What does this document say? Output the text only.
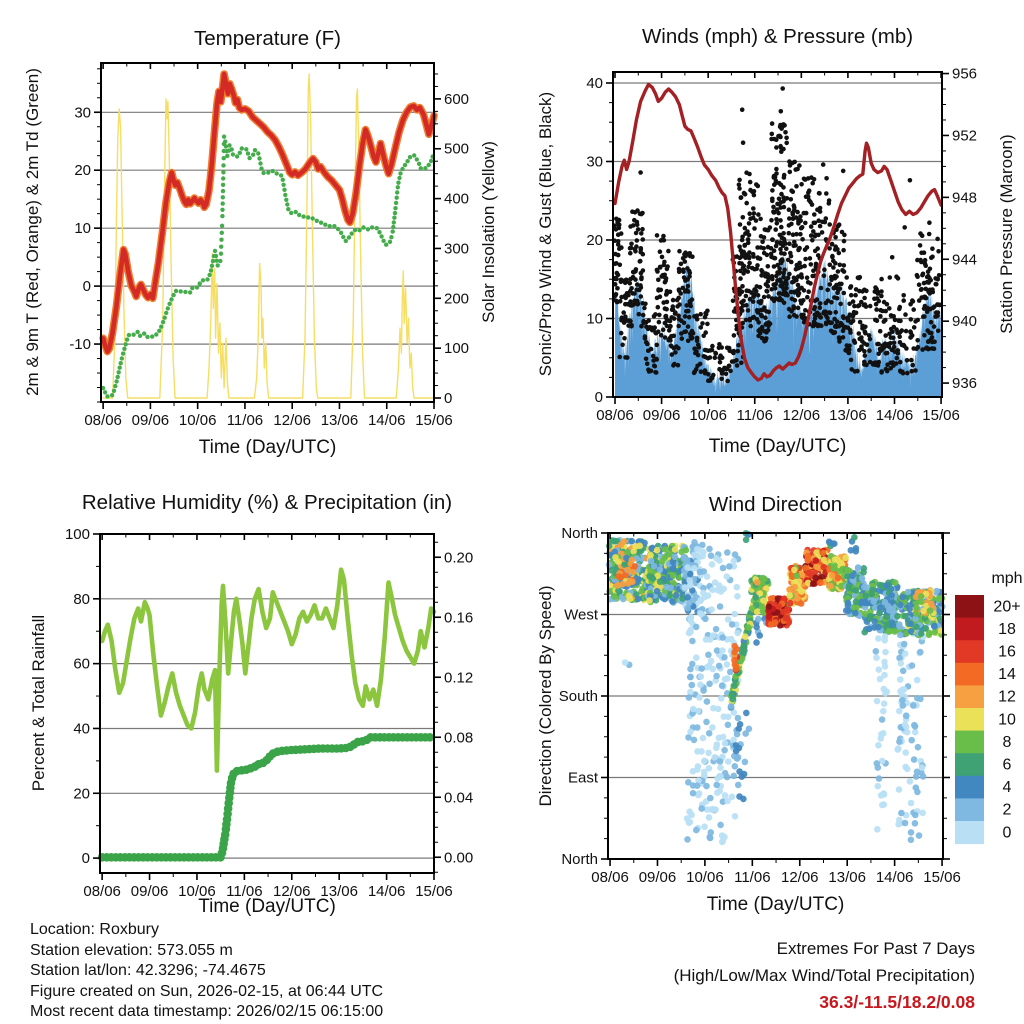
08/06 09/06 10/06 11/06 12/06 13/06 14/06 15/06
-10
0
10
20
30
0
100
200
300
400
500
600
08/06 09/06 10/06 11/06 12/06 13/06 14/06 15/06
0
10
20
30
40
936
940
944
948
952
956
08/06 09/06 10/06 11/06 12/06 13/06 14/06 15/06
0
20
40
60
80
100
0.00
0.04
0.08
0.12
0.16
0.20
08/06 09/06 10/06 11/06 12/06 13/06 14/06 15/06
North
West
South
East
North
20+
18
16
14
12
10
8
6
4
2
0
mph
Temperature (F)	Winds (mph) & Pressure (mb)
Relative Humidity (%) & Precipitation (in)	Wind Direction
Time (Day/UTC)	Time (Day/UTC)
Time (Day/UTC)	Time (Day/UTC)
2m & 9m T (Red, Orange) & 2m Td (Green)	Solar Insolation (Yellow) Sonic/Prop Wind & Gust (Blue, Black)	Station Pressure (Maroon)
Percent & Total Rainfall	Direction (Colored By Speed)
Location: Roxbury
Station elevation: 573.055 m
Station lat/lon: 42.3296; -74.4675
Figure created on Sun, 2026-02-15, at 06:44 UTC
Most recent data timestamp: 2026/02/15 06:15:00
Extremes For Past 7 Days
(High/Low/Max Wind/Total Precipitation)
36.3/-11.5/18.2/0.08
